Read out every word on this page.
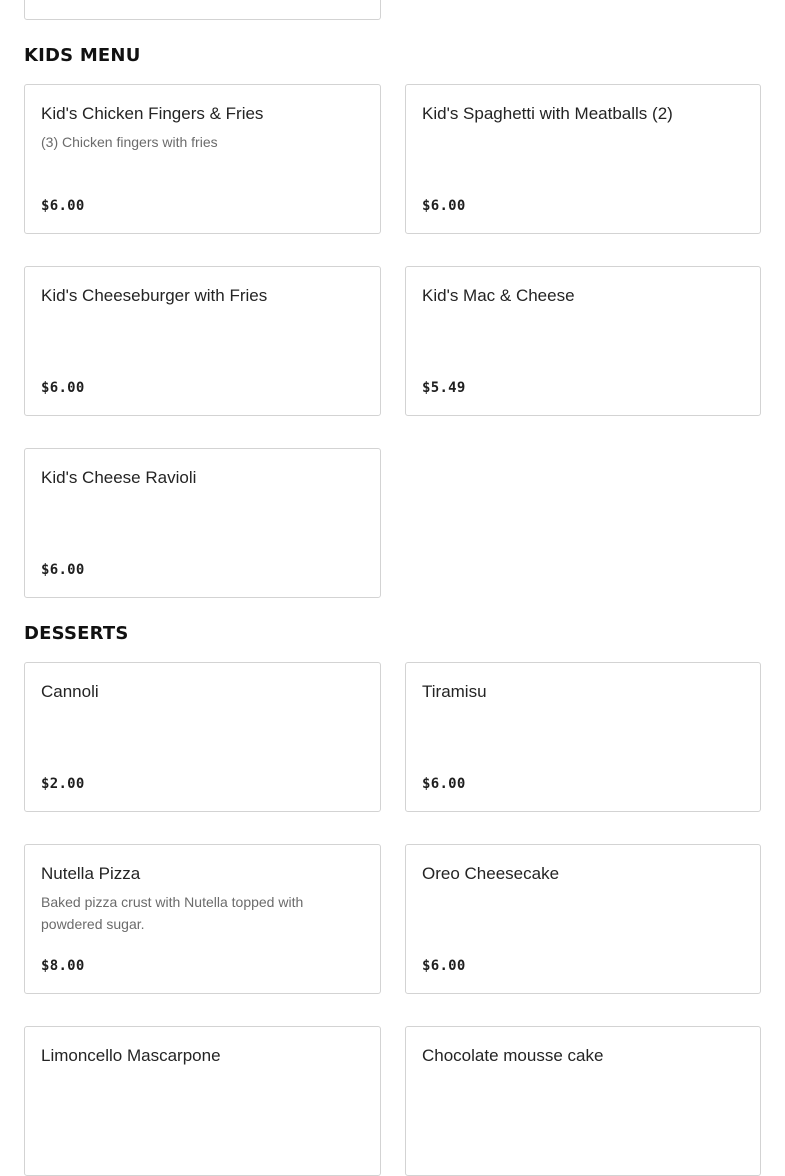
KIDS MENU
Kid's Chicken Fingers & Fries
(3) Chicken fingers with fries
$6.00
Kid's Spaghetti with Meatballs (2)
$6.00
Kid's Cheeseburger with Fries
$6.00
Kid's Mac & Cheese
$5.49
Kid's Cheese Ravioli
$6.00
DESSERTS
Cannoli
$2.00
Tiramisu
$6.00
Nutella Pizza
Baked pizza crust with Nutella topped with powdered sugar.
$8.00
Oreo Cheesecake
$6.00
Limoncello Mascarpone	Chocolate mousse cake
